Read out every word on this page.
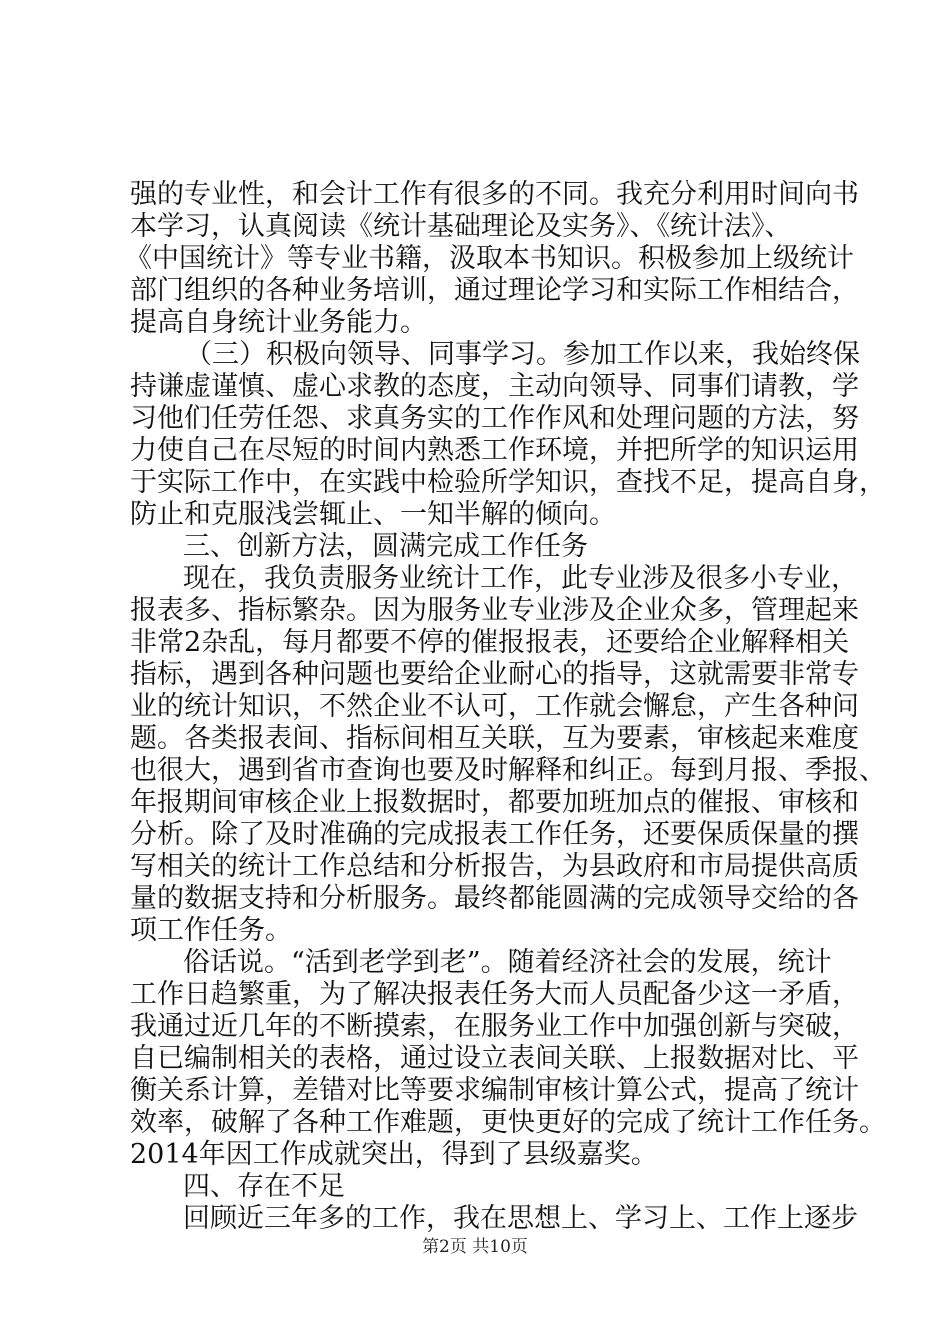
强的专业性，和会计工作有很多的不同。我充分利用时间向书
本学习，认真阅读《统计基础理论及实务》、《统计法》、
《中国统计》等专业书籍，汲取本书知识。积极参加上级统计
部门组织的各种业务培训，通过理论学习和实际工作相结合，
提高自身统计业务能力。
（三）积极向领导、同事学习。参加工作以来，我始终保
持谦虚谨慎、虚心求教的态度，主动向领导、同事们请教，学
习他们任劳任怨、求真务实的工作作风和处理问题的方法，努
力使自己在尽短的时间内熟悉工作环境，并把所学的知识运用
于实际工作中，在实践中检验所学知识，查找不足，提高自身，
防止和克服浅尝辄止、一知半解的倾向。
三、创新方法，圆满完成工作任务
现在，我负责服务业统计工作，此专业涉及很多小专业，
报表多、指标繁杂。因为服务业专业涉及企业众多，管理起来
非常2杂乱，每月都要不停的催报报表，还要给企业解释相关
指标，遇到各种问题也要给企业耐心的指导，这就需要非常专
业的统计知识，不然企业不认可，工作就会懈怠，产生各种问
题。各类报表间、指标间相互关联，互为要素，审核起来难度
也很大，遇到省市查询也要及时解释和纠正。每到月报、季报、
年报期间审核企业上报数据时，都要加班加点的催报、审核和
分析。除了及时准确的完成报表工作任务，还要保质保量的撰
写相关的统计工作总结和分析报告，为县政府和市局提供高质
量的数据支持和分析服务。最终都能圆满的完成领导交给的各
项工作任务。
俗话说。“活到老学到老”。随着经济社会的发展，统计
工作日趋繁重，为了解决报表任务大而人员配备少这一矛盾，
我通过近几年的不断摸索，在服务业工作中加强创新与突破，
自已编制相关的表格，通过设立表间关联、上报数据对比、平
衡关系计算，差错对比等要求编制审核计算公式，提高了统计
效率，破解了各种工作难题，更快更好的完成了统计工作任务。
2014年因工作成就突出，得到了县级嘉奖。
四、存在不足
回顾近三年多的工作，我在思想上、学习上、工作上逐步
第2页 共10页
